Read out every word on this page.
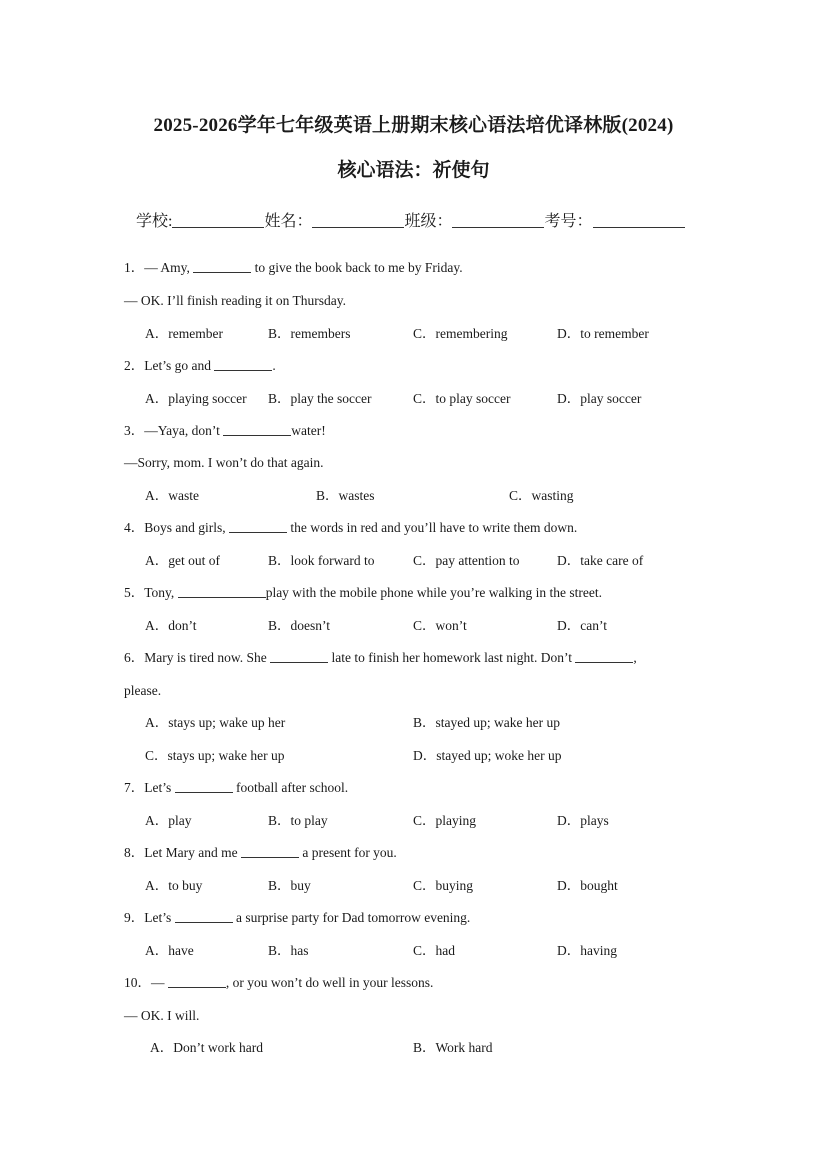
2025-2026学年七年级英语上册期末核心语法培优译林版(2024)
核心语法：祈使句
学校:	姓名：	班级：	考号：
1．— Amy,	to give the book back to me by Friday.
— OK. I’ll finish reading it on Thursday.
A．remember	B．remembers	C．remembering	D．to remember
2．Let’s go and	.
A．playing soccer B．play the soccer	C．to play soccer	D．play soccer
3．—Yaya, don’t	water!
—Sorry, mom. I won’t do that again.
A．waste	B．wastes	C．wasting
4．Boys and girls,	the words in red and you’ll have to write them down.
A．get out of	B．look forward to	C．pay attention to	D．take care of
5．Tony,	play with the mobile phone while you’re walking in the street.
A．don’t	B．doesn’t	C．won’t	D．can’t
6．Mary is tired now. She	late to finish her homework last night. Don’t	,
please.
A．stays up; wake up her	B．stayed up; wake her up
C．stays up; wake her up	D．stayed up; woke her up
7．Let’s	football after school.
A．play	B．to play	C．playing	D．plays
8．Let Mary and me	a present for you.
A．to buy	B．buy	C．buying	D．bought
9．Let’s	a surprise party for Dad tomorrow evening.
A．have	B．has	C．had	D．having
10．—	, or you won’t do well in your lessons.
— OK. I will.
A．Don’t work hard	B．Work hard
